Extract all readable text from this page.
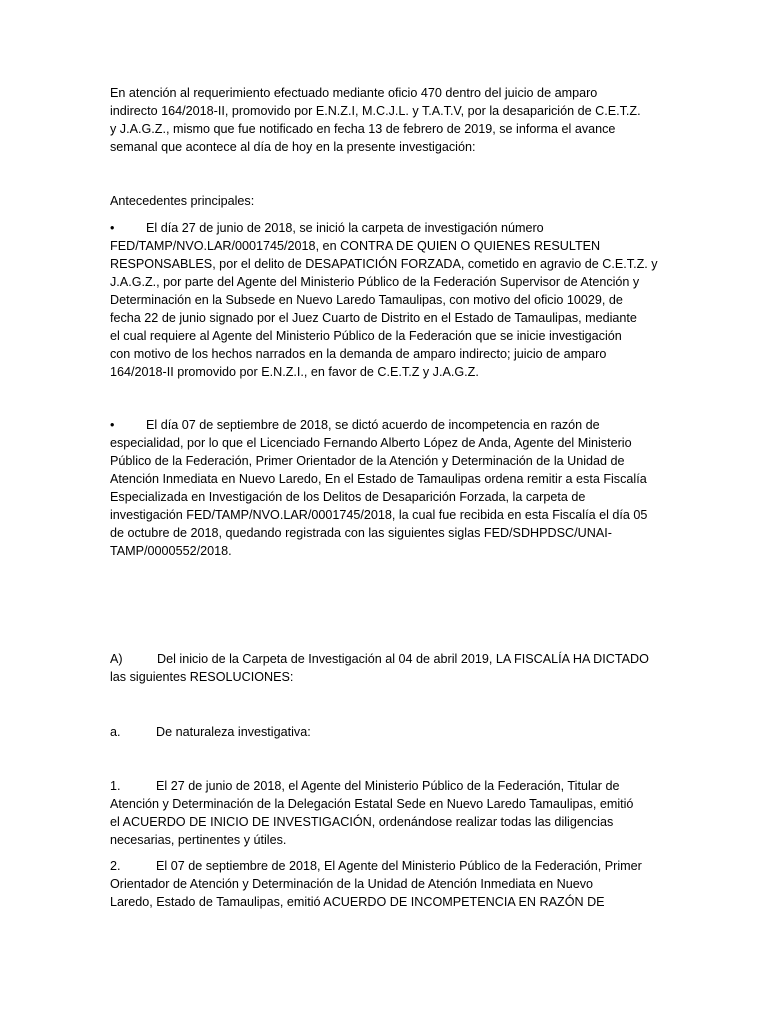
En atención al requerimiento efectuado mediante oficio 470 dentro del juicio de amparo
indirecto 164/2018-II, promovido por E.N.Z.I, M.C.J.L. y T.A.T.V, por la desaparición de C.E.T.Z.
y J.A.G.Z., mismo que fue notificado en fecha 13 de febrero de 2019, se informa el avance
semanal que acontece al día de hoy en la presente investigación:
Antecedentes principales:
•	El día 27 de junio de 2018, se inició la carpeta de investigación número
FED/TAMP/NVO.LAR/0001745/2018, en CONTRA DE QUIEN O QUIENES RESULTEN
RESPONSABLES, por el delito de DESAPATICIÓN FORZADA, cometido en agravio de C.E.T.Z. y
J.A.G.Z., por parte del Agente del Ministerio Público de la Federación Supervisor de Atención y
Determinación en la Subsede en Nuevo Laredo Tamaulipas, con motivo del oficio 10029, de
fecha 22 de junio signado por el Juez Cuarto de Distrito en el Estado de Tamaulipas, mediante
el cual requiere al Agente del Ministerio Público de la Federación que se inicie investigación
con motivo de los hechos narrados en la demanda de amparo indirecto; juicio de amparo
164/2018-II promovido por E.N.Z.I., en favor de C.E.T.Z y J.A.G.Z.
•	El día 07 de septiembre de 2018, se dictó acuerdo de incompetencia en razón de
especialidad, por lo que el Licenciado Fernando Alberto López de Anda, Agente del Ministerio
Público de la Federación, Primer Orientador de la Atención y Determinación de la Unidad de
Atención Inmediata en Nuevo Laredo, En el Estado de Tamaulipas ordena remitir a esta Fiscalía
Especializada en Investigación de los Delitos de Desaparición Forzada, la carpeta de
investigación FED/TAMP/NVO.LAR/0001745/2018, la cual fue recibida en esta Fiscalía el día 05
de octubre de 2018, quedando registrada con las siguientes siglas FED/SDHPDSC/UNAI-
TAMP/0000552/2018.
A)	Del inicio de la Carpeta de Investigación al 04 de abril 2019, LA FISCALÍA HA DICTADO
las siguientes RESOLUCIONES:
a.	De naturaleza investigativa:
1.	El 27 de junio de 2018, el Agente del Ministerio Público de la Federación, Titular de
Atención y Determinación de la Delegación Estatal Sede en Nuevo Laredo Tamaulipas, emitió
el ACUERDO DE INICIO DE INVESTIGACIÓN, ordenándose realizar todas las diligencias
necesarias, pertinentes y útiles.
2.	El 07 de septiembre de 2018, El Agente del Ministerio Público de la Federación, Primer
Orientador de Atención y Determinación de la Unidad de Atención Inmediata en Nuevo
Laredo, Estado de Tamaulipas, emitió ACUERDO DE INCOMPETENCIA EN RAZÓN DE
